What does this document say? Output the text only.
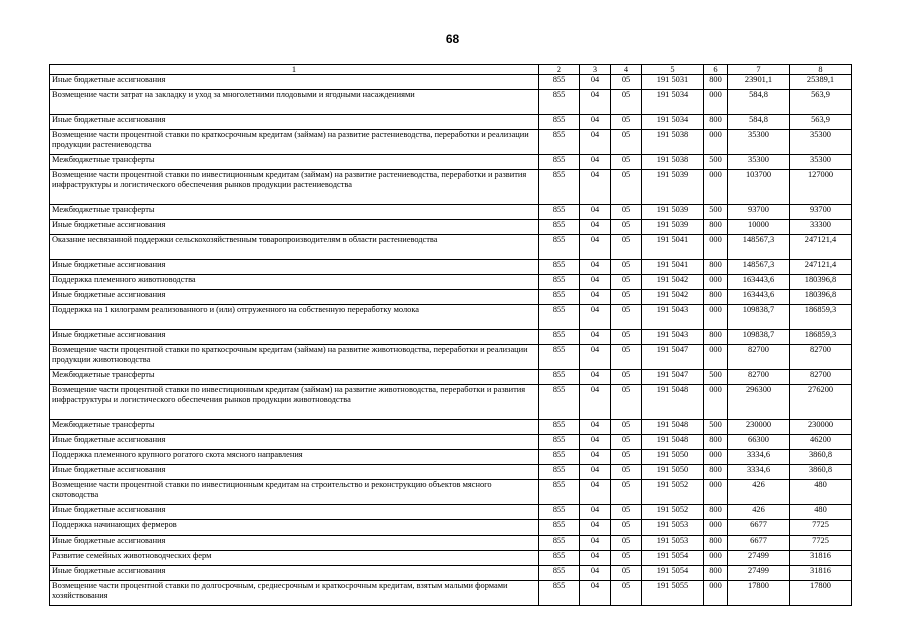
68
1	2	3	4	5	6	7	8
Иные бюджетные ассигнования	855	04	05	191 5031	800	23901,1	25389,1
Возмещение части затрат на закладку и уход за многолетними плодовыми и ягодными насаждениями	855	04	05	191 5034	000	584,8	563,9
Иные бюджетные ассигнования	855	04	05	191 5034	800	584,8	563,9
Возмещение части процентной ставки по краткосрочным кредитам (займам) на развитие растениеводства, переработки и реализации продукции растениеводства	855	04	05	191 5038	000	35300	35300
Межбюджетные трансферты	855	04	05	191 5038	500	35300	35300
Возмещение части процентной ставки по инвестиционным кредитам (займам) на развитие растениеводства, переработки и развития инфраструктуры и логистического обеспечения рынков продукции растениеводства	855	04	05	191 5039	000	103700	127000
Межбюджетные трансферты	855	04	05	191 5039	500	93700	93700
Иные бюджетные ассигнования	855	04	05	191 5039	800	10000	33300
Оказание несвязанной поддержки сельскохозяйственным товаропроизводителям в области растениеводства	855	04	05	191 5041	000	148567,3	247121,4
Иные бюджетные ассигнования	855	04	05	191 5041	800	148567,3	247121,4
Поддержка племенного животноводства	855	04	05	191 5042	000	163443,6	180396,8
Иные бюджетные ассигнования	855	04	05	191 5042	800	163443,6	180396,8
Поддержка на 1 килограмм реализованного и (или) отгруженного на собственную переработку молока	855	04	05	191 5043	000	109838,7	186859,3
Иные бюджетные ассигнования	855	04	05	191 5043	800	109838,7	186859,3
Возмещение части процентной ставки по краткосрочным кредитам (займам) на развитие животноводства, переработки и реализации продукции животноводства	855	04	05	191 5047	000	82700	82700
Межбюджетные трансферты	855	04	05	191 5047	500	82700	82700
Возмещение части процентной ставки по инвестиционным кредитам (займам) на развитие животноводства, переработки и развития инфраструктуры и логистического обеспечения рынков продукции животноводства	855	04	05	191 5048	000	296300	276200
Межбюджетные трансферты	855	04	05	191 5048	500	230000	230000
Иные бюджетные ассигнования	855	04	05	191 5048	800	66300	46200
Поддержка племенного крупного рогатого скота мясного направления	855	04	05	191 5050	000	3334,6	3860,8
Иные бюджетные ассигнования	855	04	05	191 5050	800	3334,6	3860,8
Возмещение части процентной ставки по инвестиционным кредитам на строительство и реконструкцию объектов мясного скотоводства	855	04	05	191 5052	000	426	480
Иные бюджетные ассигнования	855	04	05	191 5052	800	426	480
Поддержка начинающих фермеров	855	04	05	191 5053	000	6677	7725
Иные бюджетные ассигнования	855	04	05	191 5053	800	6677	7725
Развитие семейных животноводческих ферм	855	04	05	191 5054	000	27499	31816
Иные бюджетные ассигнования	855	04	05	191 5054	800	27499	31816
Возмещение части процентной ставки по долгосрочным, среднесрочным и краткосрочным кредитам, взятым малыми формами хозяйствования	855	04	05	191 5055	000	17800	17800
